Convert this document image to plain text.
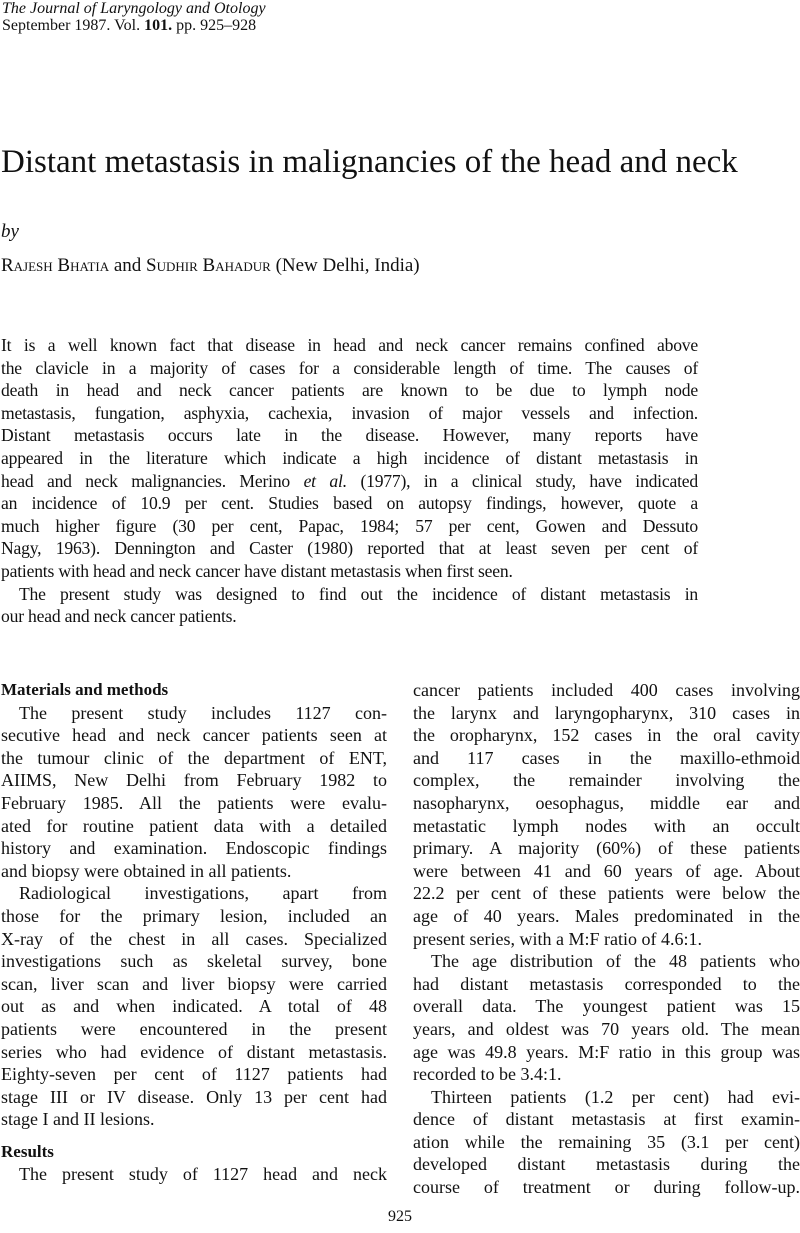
The Journal of Laryngology and Otology
September 1987. Vol. 101. pp. 925–928
Distant metastasis in malignancies of the head and neck
by
Rajesh Bhatia and Sudhir Bahadur (New Delhi, India)
It is a well known fact that disease in head and neck cancer remains confined above
the clavicle in a majority of cases for a considerable length of time. The causes of
death in head and neck cancer patients are known to be due to lymph node
metastasis, fungation, asphyxia, cachexia, invasion of major vessels and infection.
Distant metastasis occurs late in the disease. However, many reports have
appeared in the literature which indicate a high incidence of distant metastasis in
head and neck malignancies. Merino et al. (1977), in a clinical study, have indicated
an incidence of 10.9 per cent. Studies based on autopsy findings, however, quote a
much higher figure (30 per cent, Papac, 1984; 57 per cent, Gowen and Dessuto
Nagy, 1963). Dennington and Caster (1980) reported that at least seven per cent of
patients with head and neck cancer have distant metastasis when first seen.
The present study was designed to find out the incidence of distant metastasis in
our head and neck cancer patients.
Materials and methods
The present study includes 1127 con-
secutive head and neck cancer patients seen at
the tumour clinic of the department of ENT,
AIIMS, New Delhi from February 1982 to
February 1985. All the patients were evalu-
ated for routine patient data with a detailed
history and examination. Endoscopic findings
and biopsy were obtained in all patients.
Radiological investigations, apart from
those for the primary lesion, included an
X-ray of the chest in all cases. Specialized
investigations such as skeletal survey, bone
scan, liver scan and liver biopsy were carried
out as and when indicated. A total of 48
patients were encountered in the present
series who had evidence of distant metastasis.
Eighty-seven per cent of 1127 patients had
stage III or IV disease. Only 13 per cent had
stage I and II lesions.
Results
The present study of 1127 head and neck
cancer patients included 400 cases involving
the larynx and laryngopharynx, 310 cases in
the oropharynx, 152 cases in the oral cavity
and 117 cases in the maxillo-ethmoid
complex, the remainder involving the
nasopharynx, oesophagus, middle ear and
metastatic lymph nodes with an occult
primary. A majority (60%) of these patients
were between 41 and 60 years of age. About
22.2 per cent of these patients were below the
age of 40 years. Males predominated in the
present series, with a M:F ratio of 4.6:1.
The age distribution of the 48 patients who
had distant metastasis corresponded to the
overall data. The youngest patient was 15
years, and oldest was 70 years old. The mean
age was 49.8 years. M:F ratio in this group was
recorded to be 3.4:1.
Thirteen patients (1.2 per cent) had evi-
dence of distant metastasis at first examin-
ation while the remaining 35 (3.1 per cent)
developed distant metastasis during the
course of treatment or during follow-up.
925
